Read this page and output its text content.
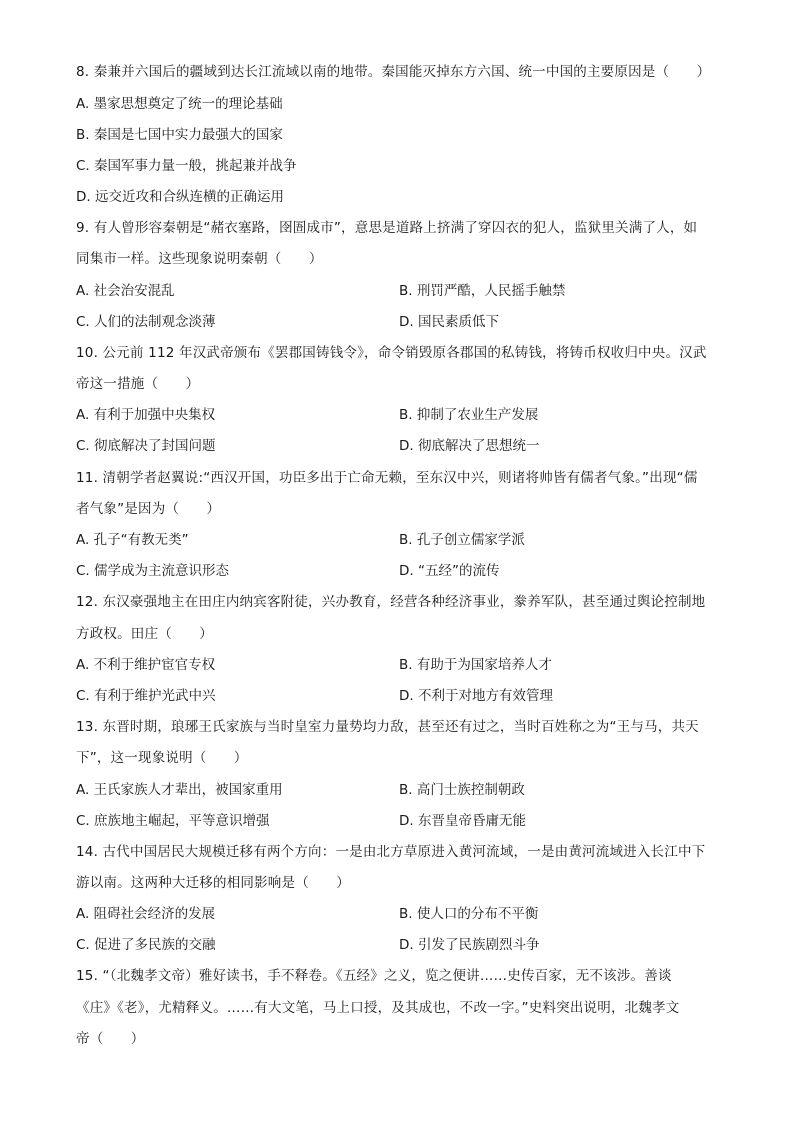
8. 秦兼并六国后的疆域到达长江流域以南的地带。秦国能灭掉东方六国、统一中国的主要原因是（　　）
A. 墨家思想奠定了统一的理论基础
B. 秦国是七国中实力最强大的国家
C. 秦国军事力量一般，挑起兼并战争
D. 远交近攻和合纵连横的正确运用
9. 有人曾形容秦朝是“赭衣塞路，囹圄成市”，意思是道路上挤满了穿囚衣的犯人，监狱里关满了人，如
同集市一样。这些现象说明秦朝（　　）
A. 社会治安混乱	B. 刑罚严酷，人民摇手触禁
C. 人们的法制观念淡薄	D. 国民素质低下
10. 公元前 112 年汉武帝颁布《罢郡国铸钱令》，命令销毁原各郡国的私铸钱，将铸币权收归中央。汉武
帝这一措施（　　）
A. 有利于加强中央集权	B. 抑制了农业生产发展
C. 彻底解决了封国问题	D. 彻底解决了思想统一
11. 清朝学者赵翼说:“西汉开国，功臣多出于亡命无赖，至东汉中兴，则诸将帅皆有儒者气象。”出现“儒
者气象”是因为（　　）
A. 孔子“有教无类”	B. 孔子创立儒家学派
C. 儒学成为主流意识形态	D. “五经”的流传
12. 东汉豪强地主在田庄内纳宾客附徒，兴办教育，经营各种经济事业，豢养军队，甚至通过舆论控制地
方政权。田庄（　　）
A. 不利于维护宦官专权	B. 有助于为国家培养人才
C. 有利于维护光武中兴	D. 不利于对地方有效管理
13. 东晋时期，琅琊王氏家族与当时皇室力量势均力敌，甚至还有过之，当时百姓称之为“王与马，共天
下”，这一现象说明（　　）
A. 王氏家族人才辈出，被国家重用	B. 高门士族控制朝政
C. 庶族地主崛起，平等意识增强	D. 东晋皇帝昏庸无能
14. 古代中国居民大规模迁移有两个方向：一是由北方草原进入黄河流域，一是由黄河流域进入长江中下
游以南。这两种大迁移的相同影响是（　　）
A. 阻碍社会经济的发展	B. 使人口的分布不平衡
C. 促进了多民族的交融	D. 引发了民族剧烈斗争
15. “（北魏孝文帝）雅好读书，手不释卷。《五经》之义，览之便讲……史传百家，无不该涉。善谈
《庄》《老》，尤精释义。……有大文笔，马上口授，及其成也，不改一字。”史料突出说明，北魏孝文
帝（　　）
